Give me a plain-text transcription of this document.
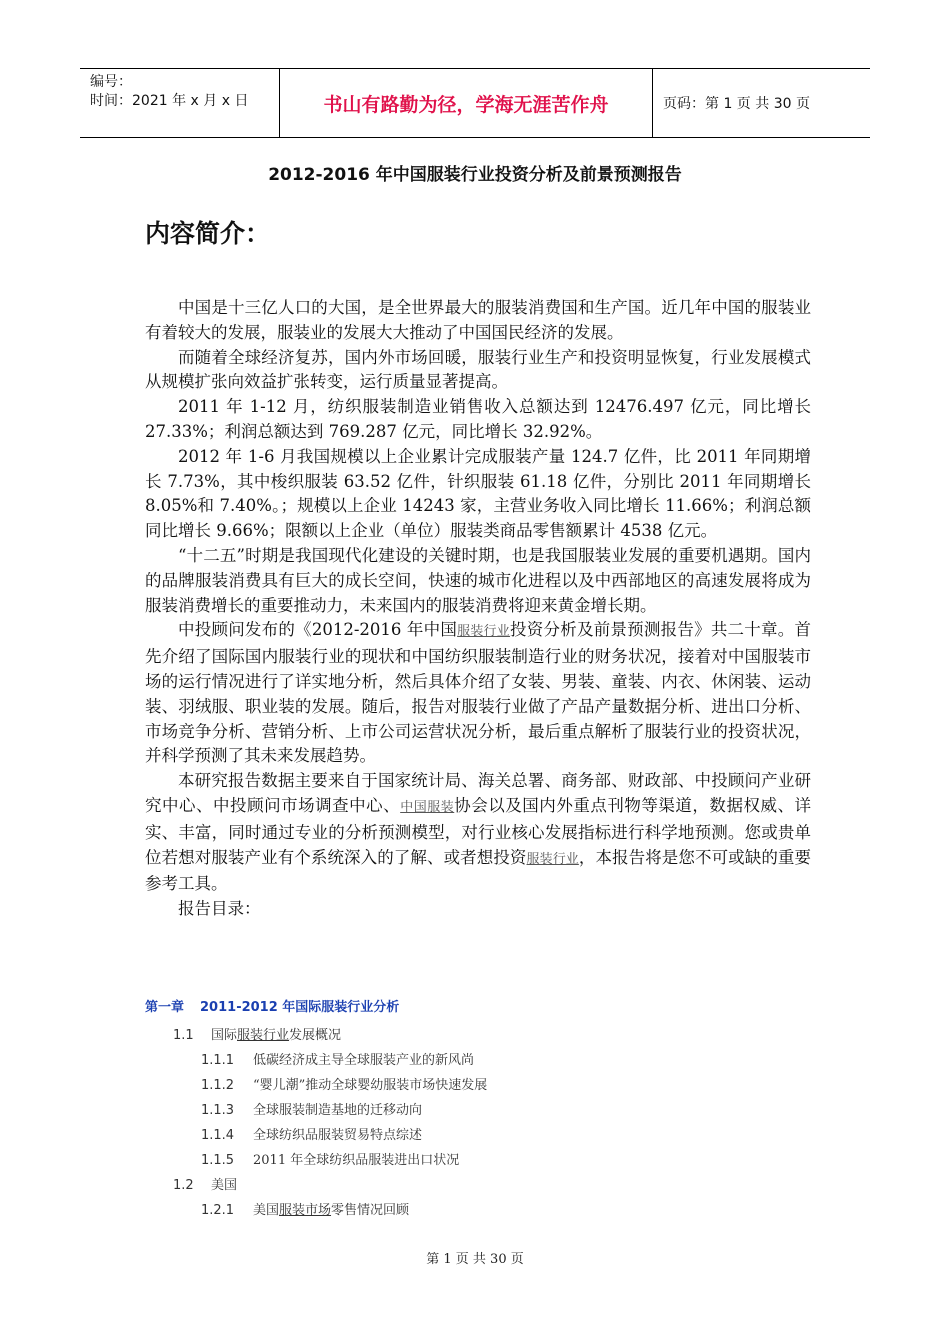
编号：
时间：2021 年 x 月 x 日	书山有路勤为径，学海无涯苦作舟	页码：第 1 页 共 30 页
2012-2016 年中国服装行业投资分析及前景预测报告
内容简介：

中国是十三亿人口的大国，是全世界最大的服装消费国和生产国。近几年中国的服装业有着较大的发展，服装业的发展大大推动了中国国民经济的发展。

而随着全球经济复苏，国内外市场回暖，服装行业生产和投资明显恢复，行业发展模式从规模扩张向效益扩张转变，运行质量显著提高。

2011 年 1-12 月，纺织服装制造业销售收入总额达到 12476.497 亿元，同比增长 27.33%；利润总额达到 769.287 亿元，同比增长 32.92%。

2012 年 1-6 月我国规模以上企业累计完成服装产量 124.7 亿件，比 2011 年同期增长 7.73%，其中梭织服装 63.52 亿件，针织服装 61.18 亿件，分别比 2011 年同期增长 8.05%和 7.40%。；规模以上企业 14243 家，主营业务收入同比增长 11.66%；利润总额同比增长 9.66%；限额以上企业（单位）服装类商品零售额累计 4538 亿元。

“十二五”时期是我国现代化建设的关键时期，也是我国服装业发展的重要机遇期。国内的品牌服装消费具有巨大的成长空间，快速的城市化进程以及中西部地区的高速发展将成为服装消费增长的重要推动力，未来国内的服装消费将迎来黄金增长期。

中投顾问发布的《2012-2016 年中国服装行业投资分析及前景预测报告》共二十章。首先介绍了国际国内服装行业的现状和中国纺织服装制造行业的财务状况，接着对中国服装市场的运行情况进行了详实地分析，然后具体介绍了女装、男装、童装、内衣、休闲装、运动装、羽绒服、职业装的发展。随后，报告对服装行业做了产品产量数据分析、进出口分析、市场竞争分析、营销分析、上市公司运营状况分析，最后重点解析了服装行业的投资状况，并科学预测了其未来发展趋势。

本研究报告数据主要来自于国家统计局、海关总署、商务部、财政部、中投顾问产业研究中心、中投顾问市场调查中心、中国服装协会以及国内外重点刊物等渠道，数据权威、详实、丰富，同时通过专业的分析预测模型，对行业核心发展指标进行科学地预测。您或贵单位若想对服装产业有个系统深入的了解、或者想投资服装行业，本报告将是您不可或缺的重要参考工具。

报告目录：

第一章 2011-2012 年国际服装行业分析
1.1 国际服装行业发展概况
1.1.1 低碳经济成主导全球服装产业的新风尚
1.1.2 “婴儿潮”推动全球婴幼服装市场快速发展
1.1.3 全球服装制造基地的迁移动向
1.1.4 全球纺织品服装贸易特点综述
1.1.5 2011 年全球纺织品服装进出口状况
1.2 美国
1.2.1 美国服装市场零售情况回顾
第 1 页 共 30 页
